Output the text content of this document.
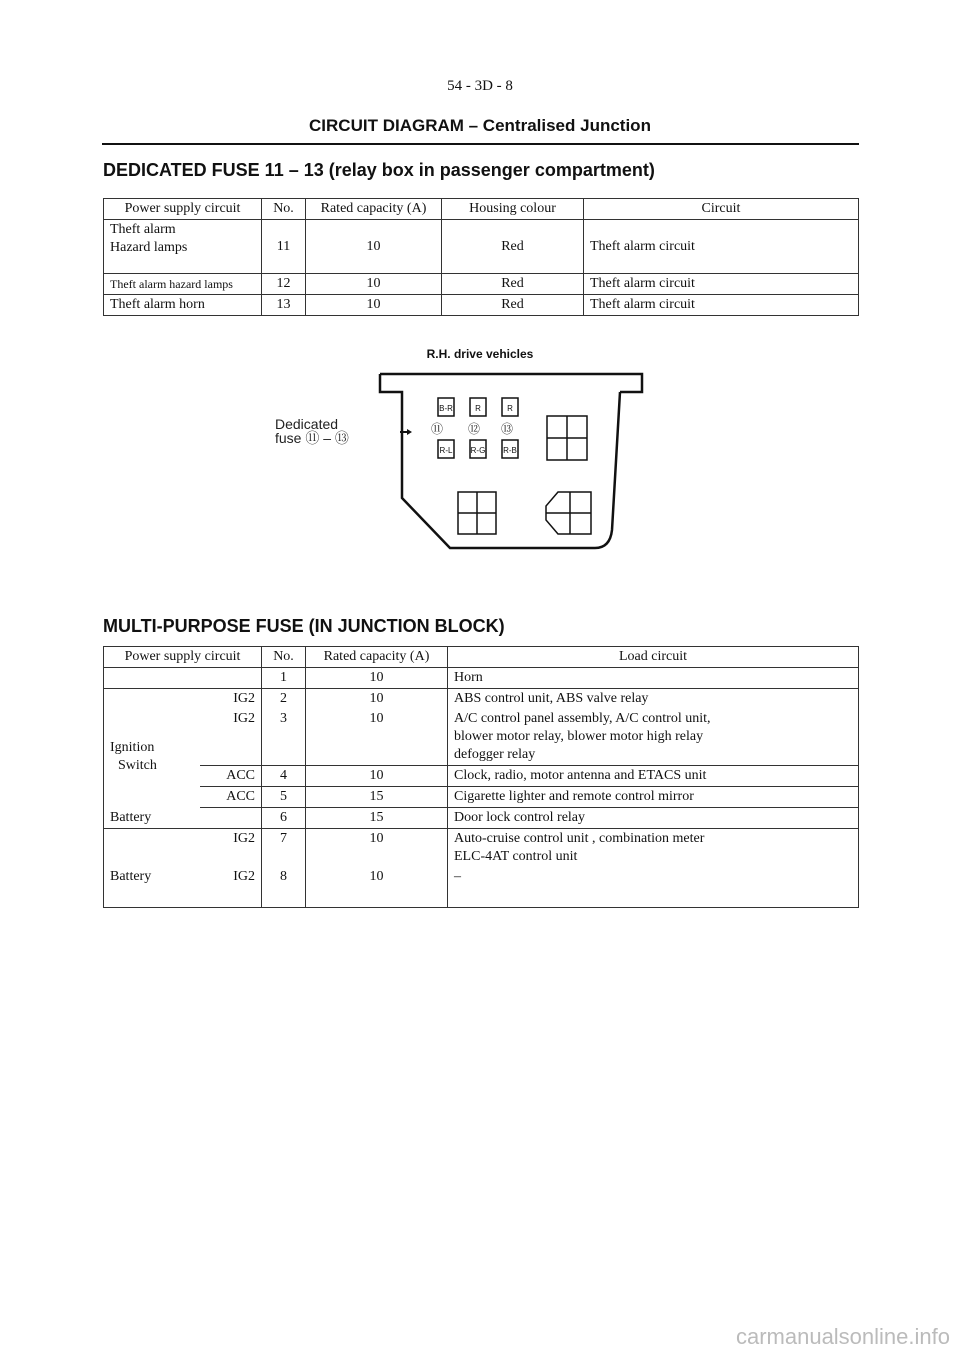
54 - 3D - 8
CIRCUIT DIAGRAM – Centralised Junction
DEDICATED FUSE 11 – 13 (relay box in passenger compartment)
Power supply circuit	No.	Rated capacity (A)	Housing colour	Circuit

Theft alarm
Hazard lamps	11	10	Red	Theft alarm circuit
Theft alarm hazard lamps	12	10	Red	Theft alarm circuit
Theft alarm horn	13	10	Red	Theft alarm circuit
R.H. drive vehicles
Dedicated
fuse ⑪ – ⑬
B-R	R	R
R-L R-G R-B
⑪ ⑫ ⑬
MULTI-PURPOSE FUSE (IN JUNCTION BLOCK)
Power supply circuit		No.	Rated capacity (A)	Load circuit
		1	10	Horn

Ignition
Switch	IG2	2	10	ABS control unit, ABS valve relay
	IG2	3	10	A/C control panel assembly, A/C control unit,
blower motor relay, blower motor high relay
defogger relay

	ACC	4	10	Clock, radio, motor antenna and ETACS unit
	ACC	5	15	Cigarette lighter and remote control mirror
Battery		6	15	Door lock control relay
	IG2	7	10	Auto-cruise control unit , combination meter
ELC-4AT control unit

Battery	IG2	8	10	–
carmanualsonline.info
